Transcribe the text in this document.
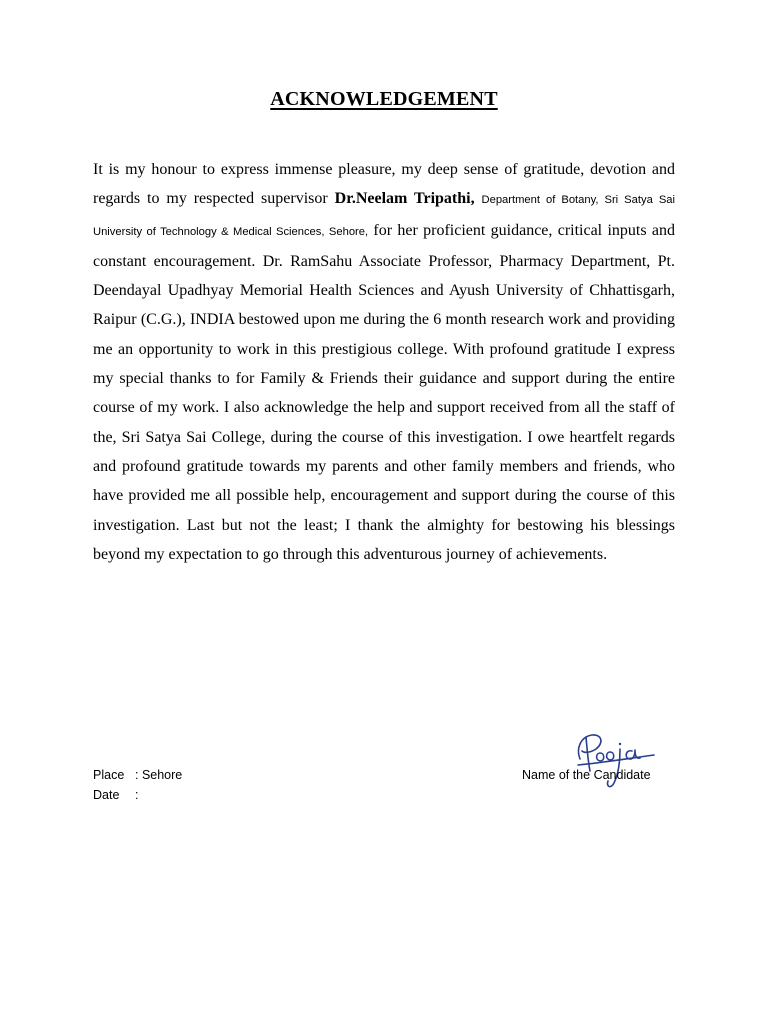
ACKNOWLEDGEMENT

It is my honour to express immense pleasure, my deep sense of gratitude, devotion and regards to my respected supervisor Dr.Neelam Tripathi, Department of Botany, Sri Satya Sai University of Technology & Medical Sciences, Sehore, for her proficient guidance, critical inputs and constant encouragement. Dr. RamSahu Associate Professor, Pharmacy Department, Pt. Deendayal Upadhyay Memorial Health Sciences and Ayush University of Chhattisgarh, Raipur (C.G.), INDIA bestowed upon me during the 6 month research work and providing me an opportunity to work in this prestigious college. With profound gratitude I express my special thanks to for Family & Friends their guidance and support during the entire course of my work. I also acknowledge the help and support received from all the staff of the, Sri Satya Sai College, during the course of this investigation. I owe heartfelt regards and profound gratitude towards my parents and other family members and friends, who have provided me all possible help, encouragement and support during the course of this investigation. Last but not the least; I thank the almighty for bestowing his blessings beyond my expectation to go through this adventurous journey of achievements.

Place : Sehore
Date :
Name of the Candidate
